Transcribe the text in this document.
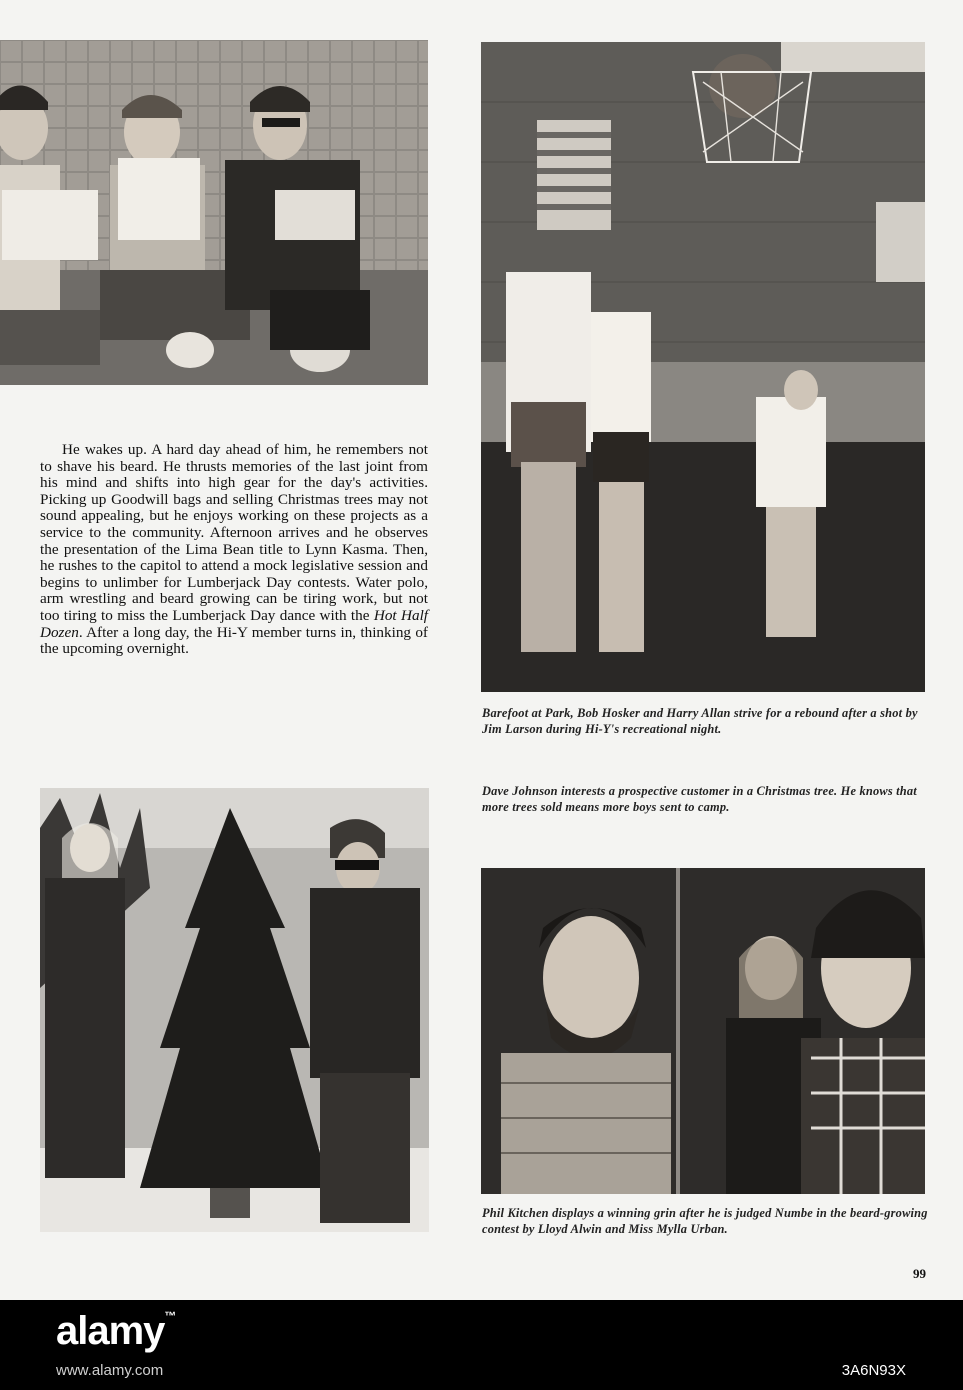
He wakes up. A hard day ahead of him, he remembers not to shave his beard. He thrusts memories of the last joint from his mind and shifts into high gear for the day's activities. Picking up Goodwill bags and selling Christmas trees may not sound appealing, but he enjoys working on these projects as a service to the community. Afternoon arrives and he observes the presentation of the Lima Bean title to Lynn Kasma. Then, he rushes to the capitol to attend a mock legislative session and begins to unlimber for Lumberjack Day contests. Water polo, arm wrestling and beard growing can be tiring work, but not too tiring to miss the Lumberjack Day dance with the Hot Half Dozen. After a long day, the Hi-Y member turns in, thinking of the upcoming overnight.

Barefoot at Park, Bob Hosker and Harry Allan strive for a rebound after a shot by Jim Larson during Hi-Y's recreational night.

Dave Johnson interests a prospective customer in a Christmas tree. He knows that more trees sold means more boys sent to camp.

Phil Kitchen displays a winning grin after he is judged Numbe in the beard-growing contest by Lloyd Alwin and Miss Mylla Urban.

99
alamy™
www.alamy.com	3A6N93X
